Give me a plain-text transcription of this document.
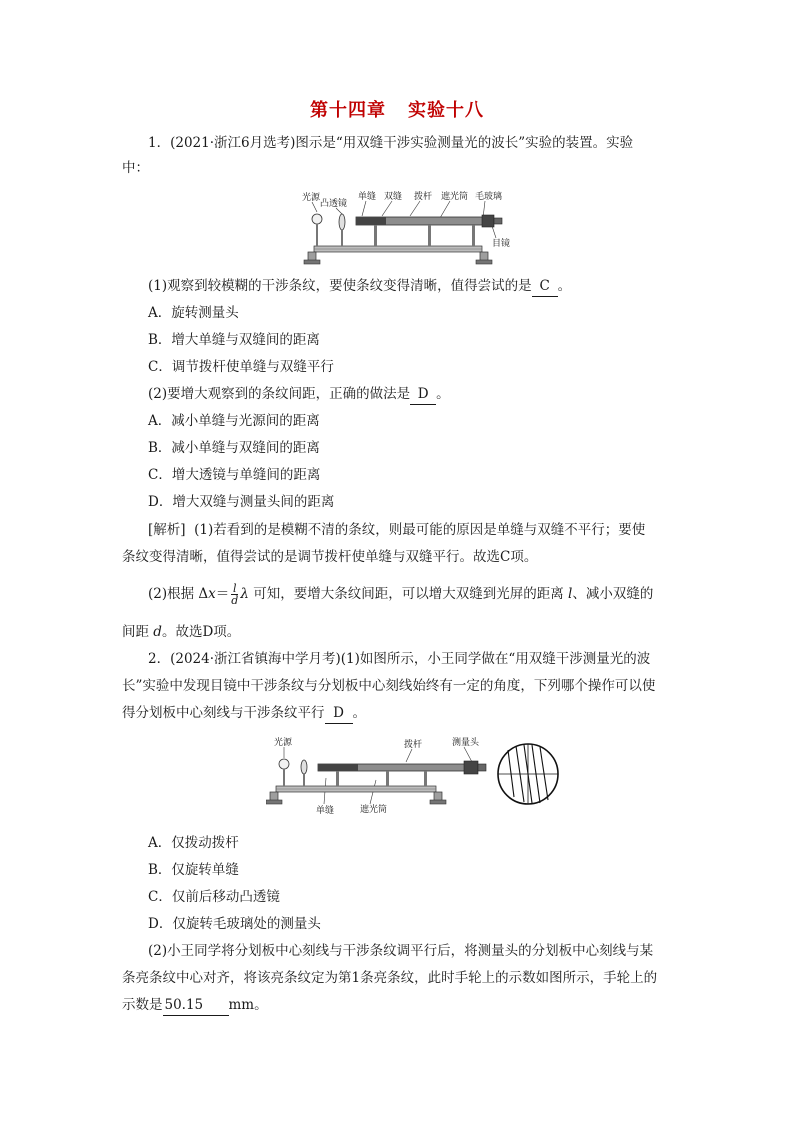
第十四章 实验十八
1．(2021·浙江6月选考)图示是“用双缝干涉实验测量光的波长”实验的装置。实验
中：
光源
凸透镜
单缝 双缝 拨杆 遮光筒 毛玻璃
目镜
(1)观察到较模糊的干涉条纹，要使条纹变得清晰，值得尝试的是 C 。
A．旋转测量头
B．增大单缝与双缝间的距离
C．调节拨杆使单缝与双缝平行
(2)要增大观察到的条纹间距，正确的做法是 D 。
A．减小单缝与光源间的距离
B．减小单缝与双缝间的距离
C．增大透镜与单缝间的距离
D．增大双缝与测量头间的距离
[解析] (1)若看到的是模糊不清的条纹，则最可能的原因是单缝与双缝不平行；要使
条纹变得清晰，值得尝试的是调节拨杆使单缝与双缝平行。故选C项。
(2)根据 $\Delta x= \frac{l}{d}$ λ 可知，要增大条纹间距，可以增大双缝到光屏的距离 l、减小双缝的
间距 d。故选D项。
2．(2024·浙江省镇海中学月考)(1)如图所示，小王同学做在“用双缝干涉测量光的波
长”实验中发现目镜中干涉条纹与分划板中心刻线始终有一定的角度，下列哪个操作可以使
得分划板中心刻线与干涉条纹平行 D 。
光源	拨杆	测量头
单缝	遮光筒
A．仅拨动拨杆
B．仅旋转单缝
C．仅前后移动凸透镜
D．仅旋转毛玻璃处的测量头
(2)小王同学将分划板中心刻线与干涉条纹调平行后，将测量头的分划板中心刻线与某
条亮条纹中心对齐，将该亮条纹定为第1条亮条纹，此时手轮上的示数如图所示，手轮上的
示数是 50.15 mm。
